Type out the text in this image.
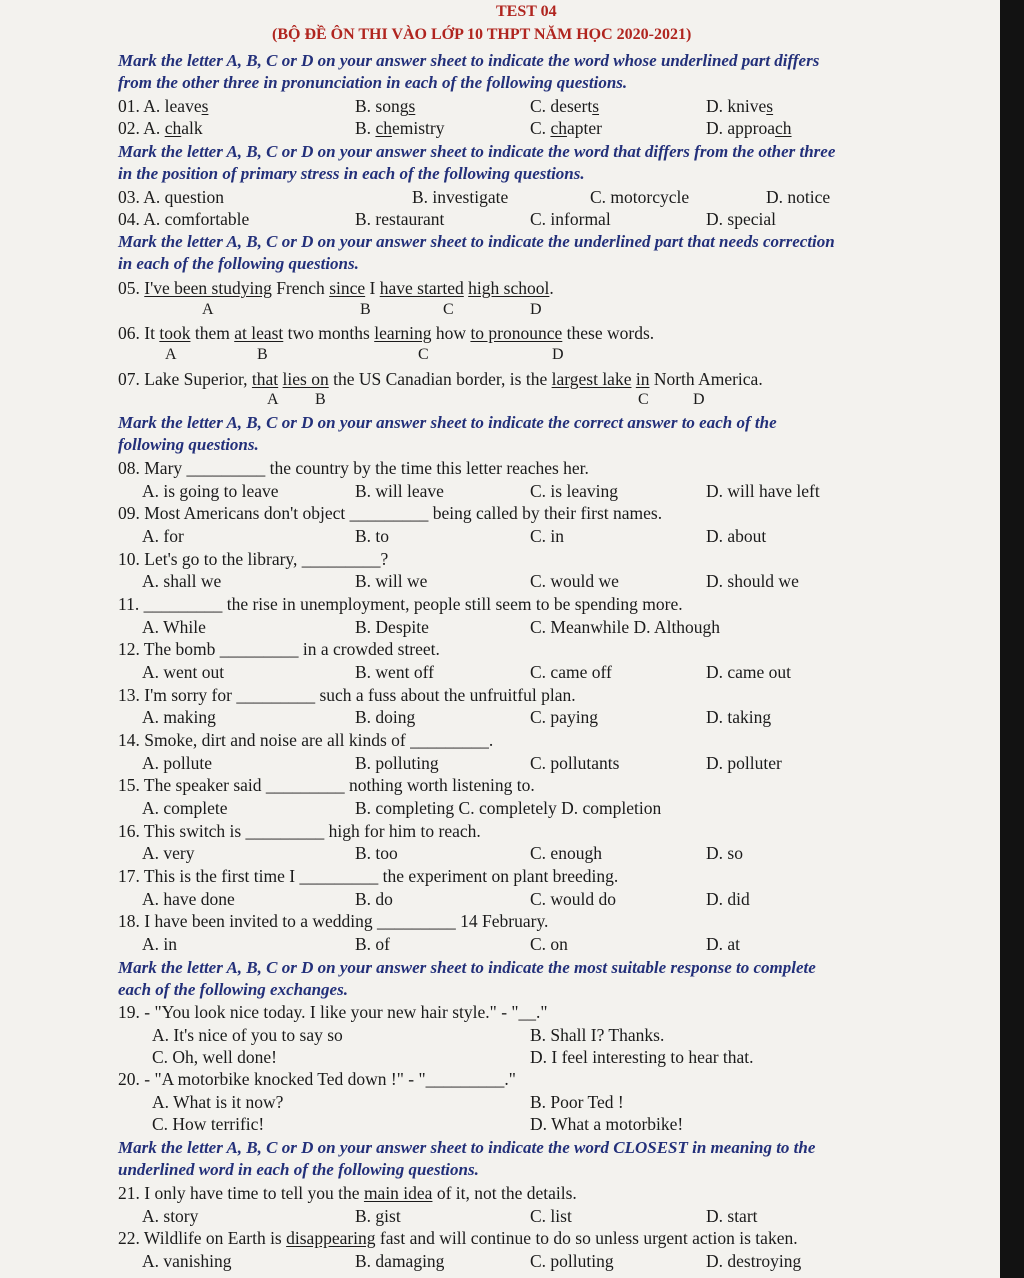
TEST 04
(BỘ ĐỀ ÔN THI VÀO LỚP 10 THPT NĂM HỌC 2020-2021)
Mark the letter A, B, C or D on your answer sheet to indicate the word whose underlined part differs
from the other three in pronunciation in each of the following questions.
01. A. leaves	B. songs	C. deserts	D. knives
02. A. chalk	B. chemistry	C. chapter	D. approach
Mark the letter A, B, C or D on your answer sheet to indicate the word that differs from the other three
in the position of primary stress in each of the following questions.
03. A. question	B. investigate	C. motorcycle	D. notice
04. A. comfortable	B. restaurant	C. informal	D. special
Mark the letter A, B, C or D on your answer sheet to indicate the underlined part that needs correction
in each of the following questions.
05. I've been studying French since I have started high school.
A	B	C	D
06. It took them at least two months learning how to pronounce these words.
A	B	C	D
07. Lake Superior, that lies on the US Canadian border, is the largest lake in North America.
A B	C	D
Mark the letter A, B, C or D on your answer sheet to indicate the correct answer to each of the
following questions.
08. Mary _________ the country by the time this letter reaches her.
A. is going to leave	B. will leave	C. is leaving	D. will have left
09. Most Americans don't object _________ being called by their first names.
A. for	B. to	C. in	D. about
10. Let's go to the library, _________?
A. shall we	B. will we	C. would we	D. should we
11. _________ the rise in unemployment, people still seem to be spending more.
A. While	B. Despite	C. Meanwhile D. Although
12. The bomb _________ in a crowded street.
A. went out	B. went off	C. came off	D. came out
13. I'm sorry for _________ such a fuss about the unfruitful plan.
A. making	B. doing	C. paying	D. taking
14. Smoke, dirt and noise are all kinds of _________.
A. pollute	B. polluting	C. pollutants	D. polluter
15. The speaker said _________ nothing worth listening to.
A. complete	B. completing C. completely D. completion
16. This switch is _________ high for him to reach.
A. very	B. too	C. enough	D. so
17. This is the first time I _________ the experiment on plant breeding.
A. have done	B. do	C. would do	D. did
18. I have been invited to a wedding _________ 14 February.
A. in	B. of	C. on	D. at
Mark the letter A, B, C or D on your answer sheet to indicate the most suitable response to complete
each of the following exchanges.
19. - "You look nice today. I like your new hair style." - "__."
A. It's nice of you to say so	B. Shall I? Thanks.
C. Oh, well done!	D. I feel interesting to hear that.
20. - "A motorbike knocked Ted down !" - "_________."
A. What is it now?	B. Poor Ted !
C. How terrific!	D. What a motorbike!
Mark the letter A, B, C or D on your answer sheet to indicate the word CLOSEST in meaning to the
underlined word in each of the following questions.
21. I only have time to tell you the main idea of it, not the details.
A. story	B. gist	C. list	D. start
22. Wildlife on Earth is disappearing fast and will continue to do so unless urgent action is taken.
A. vanishing	B. damaging	C. polluting	D. destroying
